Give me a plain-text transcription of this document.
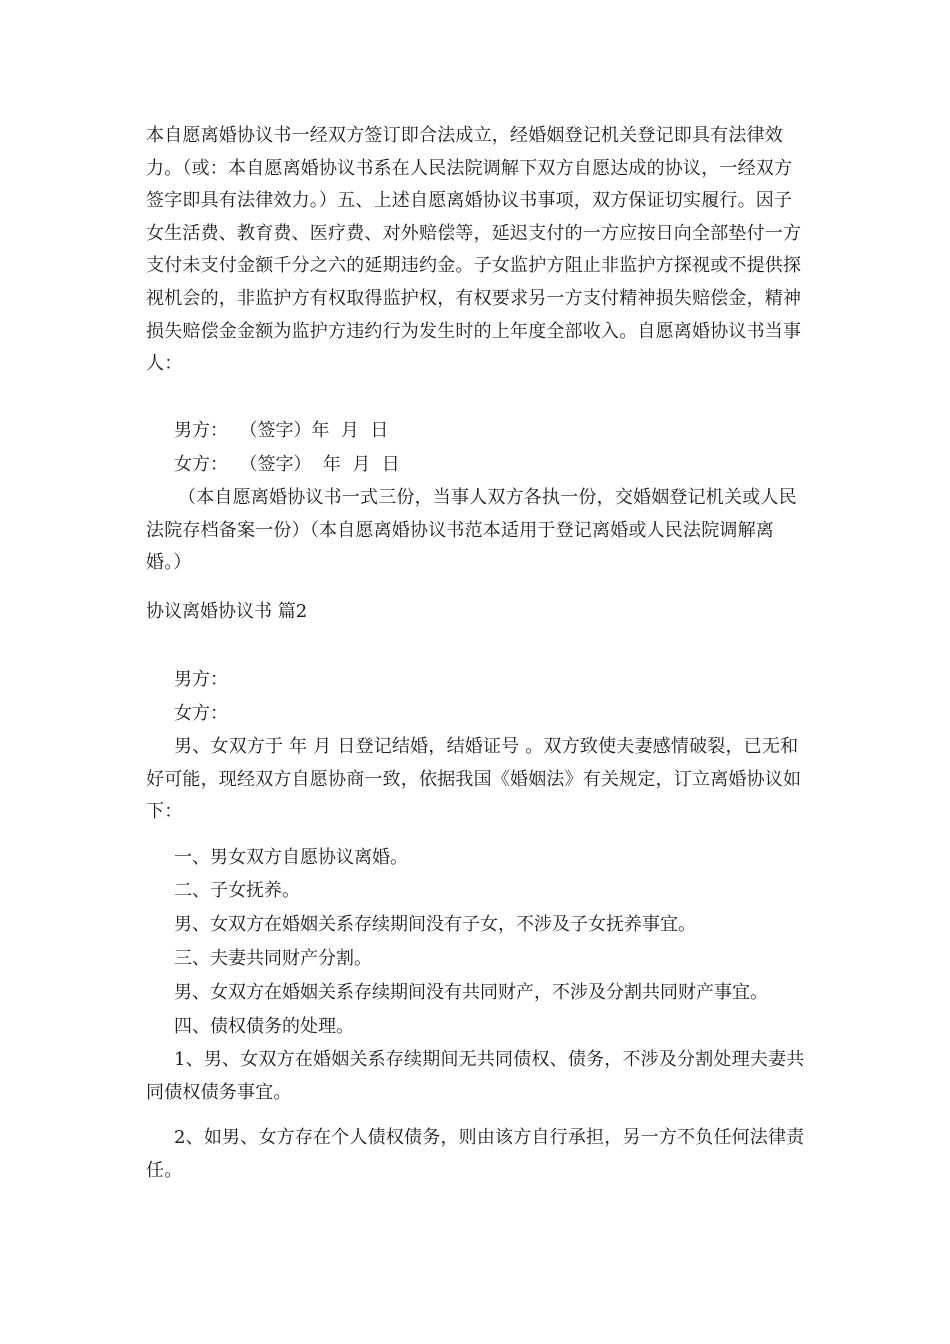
本自愿离婚协议书一经双方签订即合法成立，经婚姻登记机关登记即具有法律效力。（或：本自愿离婚协议书系在人民法院调解下双方自愿达成的协议，一经双方签字即具有法律效力。）五、上述自愿离婚协议书事项，双方保证切实履行。因子女生活费、教育费、医疗费、对外赔偿等，延迟支付的一方应按日向全部垫付一方支付未支付金额千分之六的延期违约金。子女监护方阻止非监护方探视或不提供探视机会的，非监护方有权取得监护权，有权要求另一方支付精神损失赔偿金，精神损失赔偿金金额为监护方违约行为发生时的上年度全部收入。自愿离婚协议书当事人：

男方：  （签字）年  月  日

女方：  （签字）  年  月  日

（本自愿离婚协议书一式三份，当事人双方各执一份，交婚姻登记机关或人民法院存档备案一份）（本自愿离婚协议书范本适用于登记离婚或人民法院调解离婚。）

协议离婚协议书 篇2

男方：

女方：

男、女双方于 年 月 日登记结婚，结婚证号 。双方致使夫妻感情破裂，已无和好可能，现经双方自愿协商一致，依据我国《婚姻法》有关规定，订立离婚协议如下：

一、男女双方自愿协议离婚。

二、子女抚养。

男、女双方在婚姻关系存续期间没有子女，不涉及子女抚养事宜。

三、夫妻共同财产分割。

男、女双方在婚姻关系存续期间没有共同财产，不涉及分割共同财产事宜。

四、债权债务的处理。

1、男、女双方在婚姻关系存续期间无共同债权、债务，不涉及分割处理夫妻共同债权债务事宜。

2、如男、女方存在个人债权债务，则由该方自行承担，另一方不负任何法律责任。
